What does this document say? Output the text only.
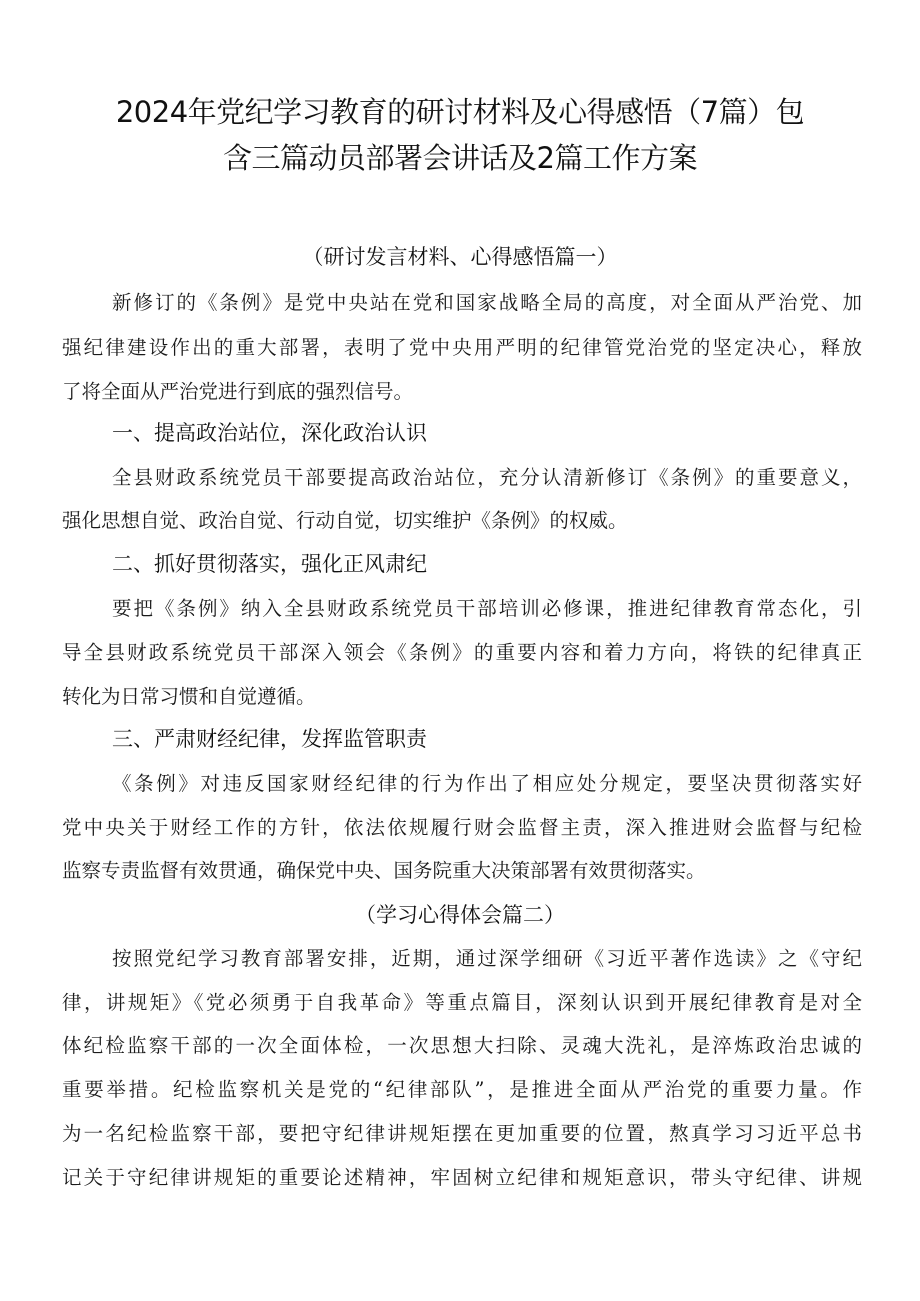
2024年党纪学习教育的研讨材料及心得感悟（7篇）包
含三篇动员部署会讲话及2篇工作方案
（研讨发言材料、心得感悟篇一）
新修订的《条例》是党中央站在党和国家战略全局的高度，对全面从严治党、加
强纪律建设作出的重大部署，表明了党中央用严明的纪律管党治党的坚定决心，释放
了将全面从严治党进行到底的强烈信号。
一、提高政治站位，深化政治认识
全县财政系统党员干部要提高政治站位，充分认清新修订《条例》的重要意义，
强化思想自觉、政治自觉、行动自觉，切实维护《条例》的权威。
二、抓好贯彻落实，强化正风肃纪
要把《条例》纳入全县财政系统党员干部培训必修课，推进纪律教育常态化，引
导全县财政系统党员干部深入领会《条例》的重要内容和着力方向，将铁的纪律真正
转化为日常习惯和自觉遵循。
三、严肃财经纪律，发挥监管职责
《条例》对违反国家财经纪律的行为作出了相应处分规定，要坚决贯彻落实好
党中央关于财经工作的方针，依法依规履行财会监督主责，深入推进财会监督与纪检
监察专责监督有效贯通，确保党中央、国务院重大决策部署有效贯彻落实。
（学习心得体会篇二）
按照党纪学习教育部署安排，近期，通过深学细研《习近平著作选读》之《守纪
律，讲规矩》《党必须勇于自我革命》等重点篇目，深刻认识到开展纪律教育是对全
体纪检监察干部的一次全面体检，一次思想大扫除、灵魂大洗礼，是淬炼政治忠诚的
重要举措。纪检监察机关是党的“纪律部队”，是推进全面从严治党的重要力量。作
为一名纪检监察干部，要把守纪律讲规矩摆在更加重要的位置，熬真学习习近平总书
记关于守纪律讲规矩的重要论述精神，牢固树立纪律和规矩意识，带头守纪律、讲规
